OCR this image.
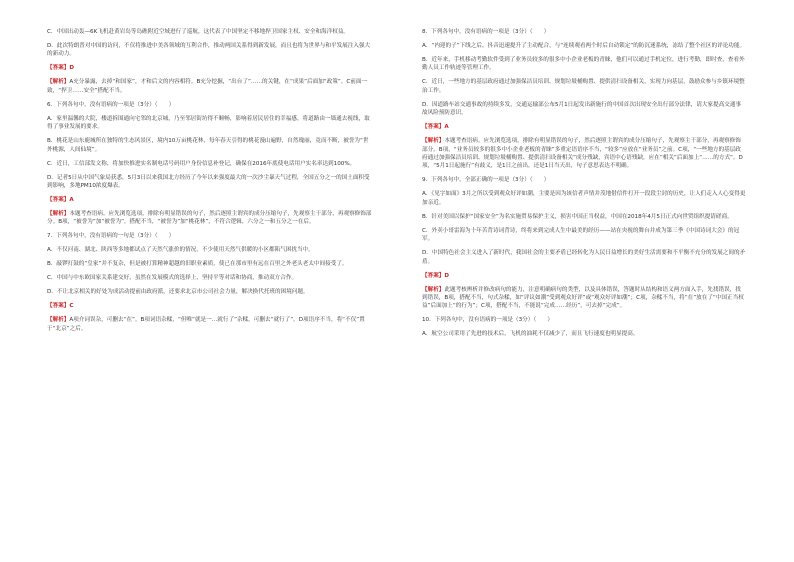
C．中国出动轰—6K飞机赴黄岩岛等岛礁附近空域进行了巡航，这代表了中国坚定不移地捍卫国家主权、安全和海洋权益。

D．此次特朗普对中国的访问，不仅将推进中美各领域的互利合作，推动两国关系得到新发展，而且也将为世界与和平发展注入强大的新动力。

【答案】D

【解析】A充分暴露，去掉“和国家”，才和后文的内容相符。B充分挖掘，“出台了”……的关键，在“成果”后面加“政策”。C前面一致，“捍卫……安全”搭配不当。

6．下列各句中，没有语病的一项是（3分）（　　）

A．家里温馨的大院，楼道拆围通向宅邻的北京城，乃至邻居街坊得不顺畅，影响着居民居住的幸福感，将道路由一墙通去视线，取得了事业发展的要求。

B．桃花是山东鹿城所在独特的生态风景区，境内10万亩桃花林，每年春天引得的桃花漫山遍野，自然瑰丽，竟而不断，被誉为“世外桃源，人间仙境”。

C．近日，工信部发文称，将加快推进实名制电话号码用户身份信息补登记，确保在2016年底使电话用户实名率达到100%。

D．记者5日从中国气象局获悉，5月3日以来我国北方经历了今年以来强度最大的一次沙尘暴天气过程，全国五分之一的国土面积受到影响，多地PM10浓度爆表。

【答案】A

【解析】本题考查语病。应先浏览选项，排除有明显错误的句子，然后逐照主谓宾的成分压缩句子，先观察主干部分，再观察修饰部分。B项，“被誉为”加“被誉为”，搭配不当，“被誉为”加“桃花林”，不符合逻辑，六分之一和五分之一在后。

7．下列各句中，没有语病的一句是（3分）（　　）

A．不仅河南、湖北、陕西等多地都试点了天然气涨价的情况，不少使用天然气供暖的小区都陷气困扰当中。

B．敲锣打鼓的“皇家”并不复杂，但是被打算精神超越的旧职业素质，使已在那市里有远在百里之外老头老太中间接受了。

C．中国与中东欧国家关系建交好，虽然在发展模式的选择上，坚持平等对话和协商，推动双方合作。

D．不让北京相关的好处为成活动提前由政府派，还要求北京市公司社会力量，解决换代托班的困境问题。

【答案】C

【解析】A项介词误杂，可删去“在”。B项词语杂糅，“但唯”就是一…就行了”杂糅，可删去“就行了”。D项语序不当，将“不仅”置于“北京”之后。

8．下列各句中，没有语病的一项是（3分）（　　）

A．“内迎的子”下线之后，抖音迅速提升了主动配合，与“连续观看两个时后自动锁定”的防沉迷系统，冻结了整个社区的评论功能。

B．近年来，手机移动考勤软件受到了业务员较多的很多中小企业老板的青睐，他们可以通过手机定位，进行考勤，即时查，查看外勤人员工作轨迹等管理工作。

C．近日，一些地方的基层政府通过加强保洁员培训、规划垃圾桶购置、提供清扫设备相关，实现力向基层，鼓励众参与乡镇环境整治工作。

D．因道路车站交通事故的持续多发，交通运输部公布5月1日起发出新施行的中国首次出现安全出行部分法律，请大家提高交通事故风险预防意识。

【答案】A

【解析】本题考查语病。应先浏览选项，排除有明显错误的句子，然后逐照主谓宾的成分压缩句子，先观察主干部分，再观察修饰部分。B项，“业务员较多的很多中小企业老板的青睐”多重定语语序不当，“较多”应放在“业务员”之前。C项，“一些地方的基层政府通过加强保洁员培训、规划垃圾桶购置、提供清扫设备相关”成分残缺，宾语中心语残缺，应在“相关”后面加上“……的方式”。D项，“5月1日起施行”有歧义，是1日之前出，还是1日当天出，句子意思表达不明确。

9．下列各句中，全部正确的一项是（3分）（　　）

A．《见字如面》3月之所以受到观众好评如潮，主要是因为该信者声情并茂地借信件打开一段段尘封的历史，让人们走入人心变得更加亲近。

B．针对美国以保护“国家安全”为名实施贸易保护主义，损害中国正当权益，中国在2018年4月5日正式向世贸组织提请磋商。

C．外卖小哥雷海为十年苦背诗词背诗，终将来到完成人生中最美的经历——站在央视的舞台并成为第三季《中国诗词大会》的冠军。

D．中国特色社会主义进入了新时代，我国社会的主要矛盾已经转化为人民日益增长的美好生活需要和不平衡不充分的发展之间的矛盾。

【答案】D

【解析】此题考核辨析并修改病句的能力，注意明确病句的类型，以及具体错误，答题时从结构和语义两方面入手，先找错误，找到错误，B项，搭配不当，句式杂糅，如“评议如潮”受到观众好评”或“观众好评如潮”；C项，杂糅不当，将“在”放在了“中国正当权益”后面加上“的行为”；C项，搭配不当，不能说“完成……经历”，可去掉“完成”。

10．下列各句中，没有语病的一项是（3分）（　　）

A．航空公司采用了先进的技术后，飞机的油耗不仅减少了，而且飞行速度也明显提高。
